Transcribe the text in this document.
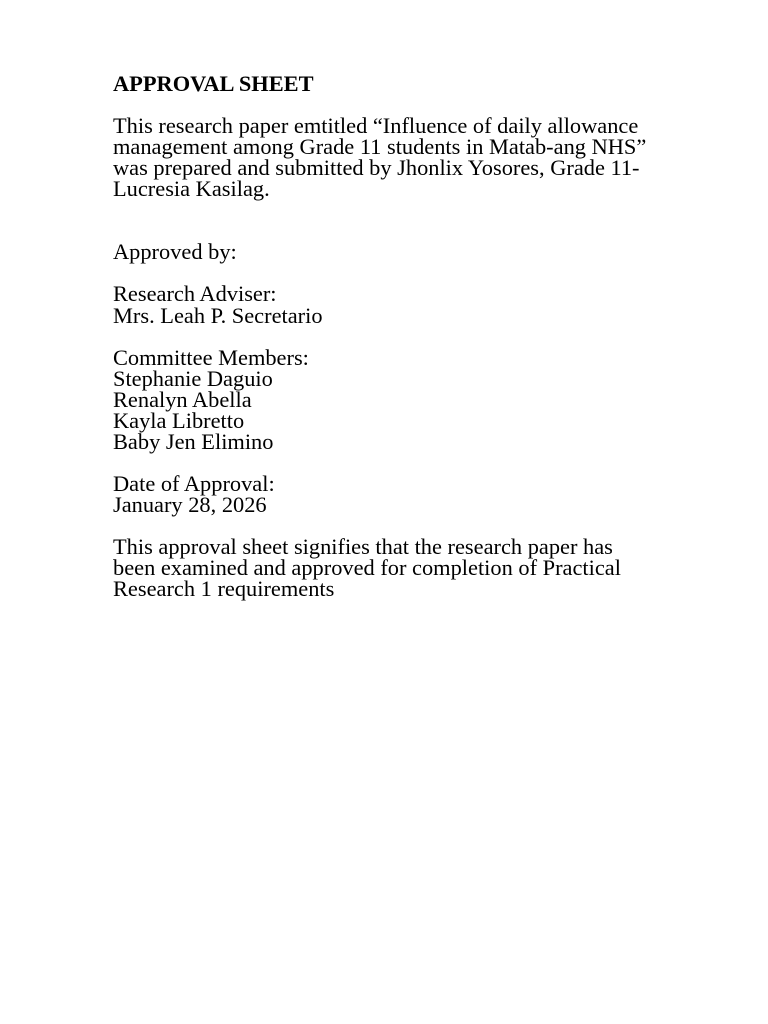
APPROVAL SHEET
This research paper emtitled “Influence of daily allowance
management among Grade 11 students in Matab-ang NHS”
was prepared and submitted by Jhonlix Yosores, Grade 11-
Lucresia Kasilag.
Approved by:
Research Adviser:
Mrs. Leah P. Secretario
Committee Members:
Stephanie Daguio
Renalyn Abella
Kayla Libretto
Baby Jen Elimino
Date of Approval:
January 28, 2026
This approval sheet signifies that the research paper has
been examined and approved for completion of Practical
Research 1 requirements
